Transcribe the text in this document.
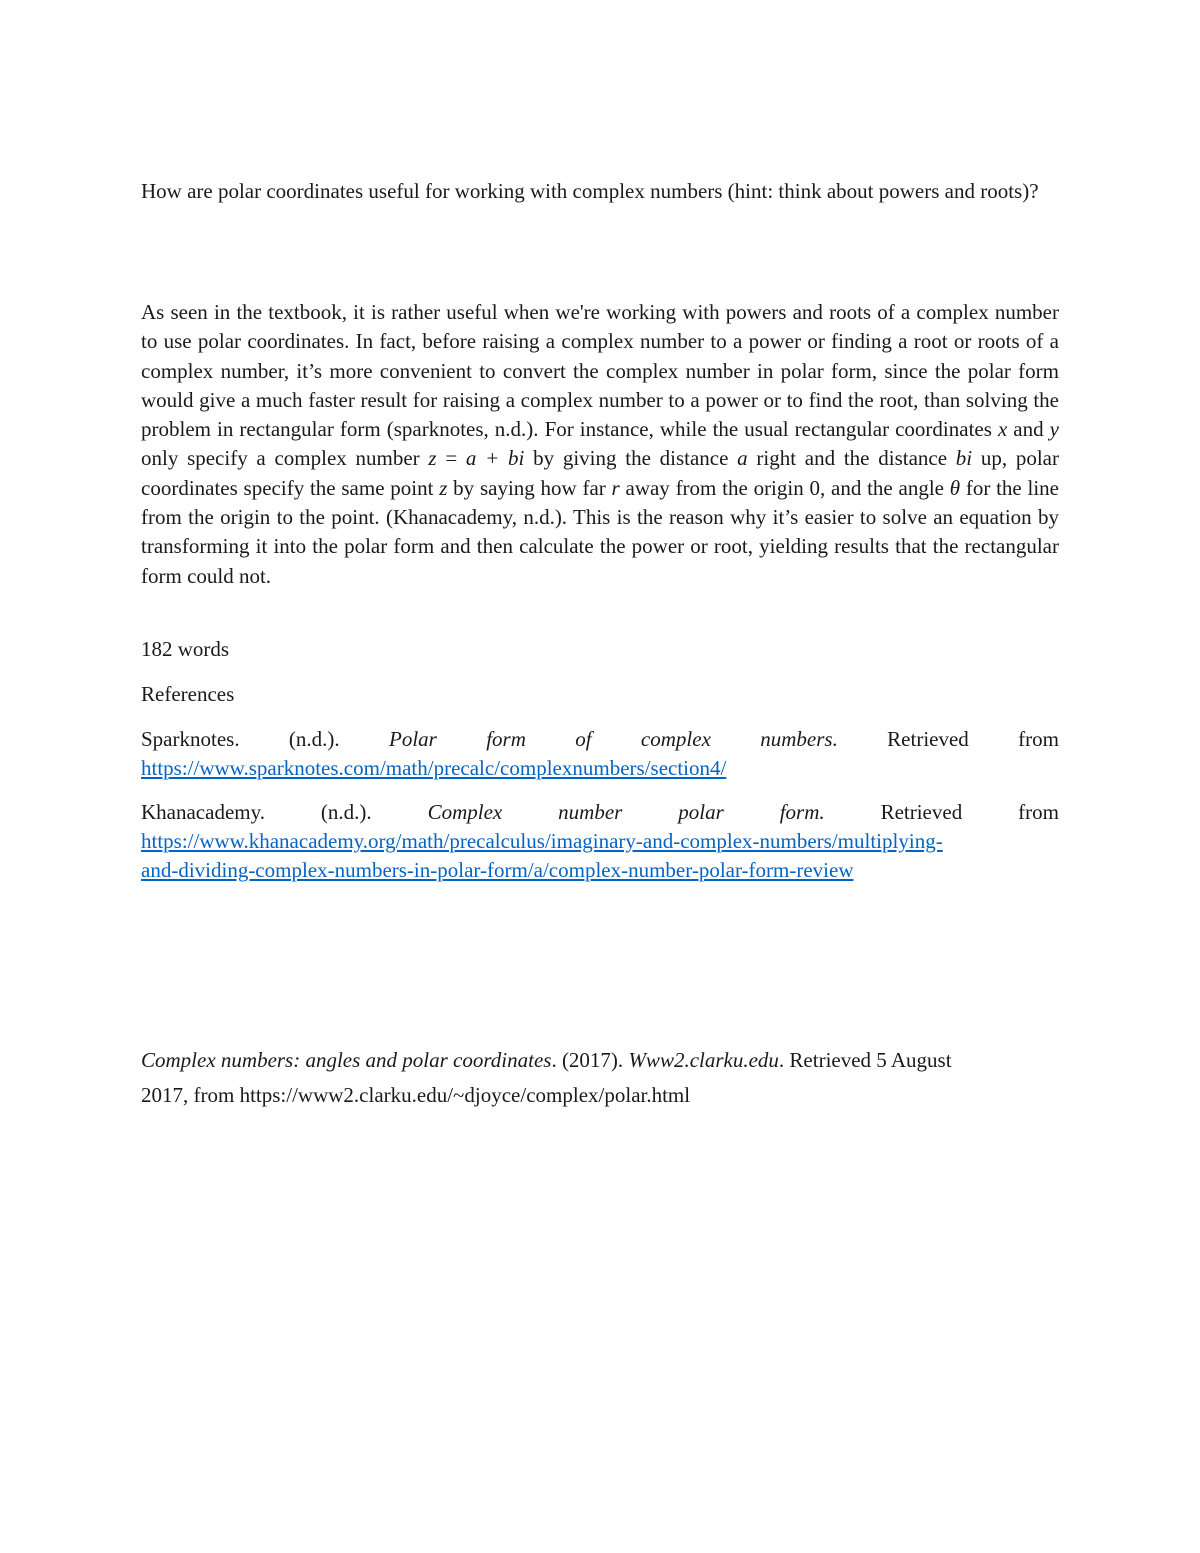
How are polar coordinates useful for working with complex numbers (hint: think about powers and roots)?

As seen in the textbook, it is rather useful when we're working with powers and roots of a complex number to use polar coordinates. In fact, before raising a complex number to a power or finding a root or roots of a complex number, it’s more convenient to convert the complex number in polar form, since the polar form would give a much faster result for raising a complex number to a power or to find the root, than solving the problem in rectangular form (sparknotes, n.d.). For instance, while the usual rectangular coordinates x and y only specify a complex number z = a + bi by giving the distance a right and the distance bi up, polar coordinates specify the same point z by saying how far r away from the origin 0, and the angle θ for the line from the origin to the point. (Khanacademy, n.d.). This is the reason why it’s easier to solve an equation by transforming it into the polar form and then calculate the power or root, yielding results that the rectangular form could not.

182 words

References

Sparknotes. (n.d.). Polar form of complex numbers. Retrieved from
https://www.sparknotes.com/math/precalc/complexnumbers/section4/
Khanacademy.	(n.d.).	Complex	number	polar	form.	Retrieved	from
https://www.khanacademy.org/math/precalculus/imaginary-and-complex-numbers/multiplying-
and-dividing-complex-numbers-in-polar-form/a/complex-number-polar-form-review
Complex numbers: angles and polar coordinates. (2017). Www2.clarku.edu. Retrieved 5 August
2017, from https://www2.clarku.edu/~djoyce/complex/polar.html
